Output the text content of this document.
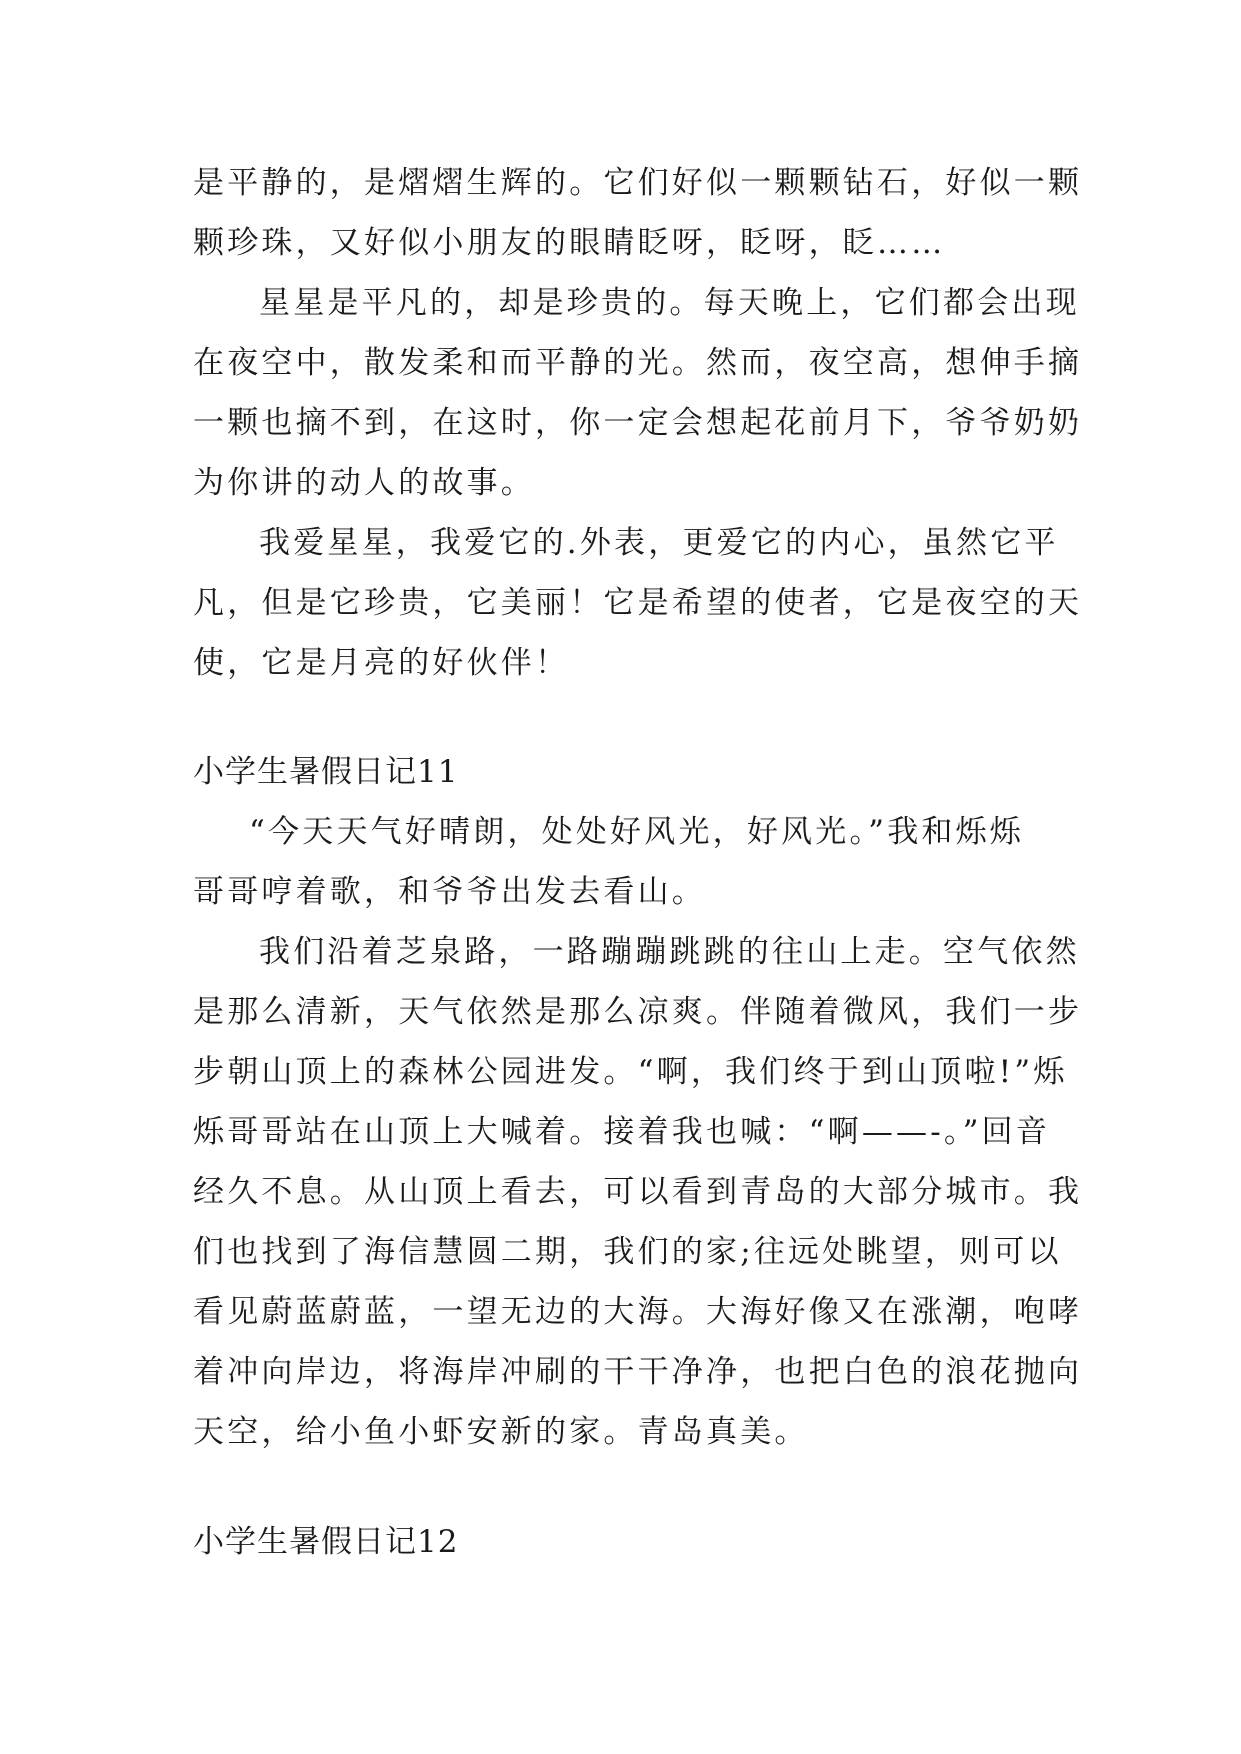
是平静的，是熠熠生辉的。它们好似一颗颗钻石，好似一颗
颗珍珠，又好似小朋友的眼睛眨呀，眨呀，眨……
星星是平凡的，却是珍贵的。每天晚上，它们都会出现
在夜空中，散发柔和而平静的光。然而，夜空高，想伸手摘
一颗也摘不到，在这时，你一定会想起花前月下，爷爷奶奶
为你讲的动人的故事。
我爱星星，我爱它的.外表，更爱它的内心，虽然它平
凡，但是它珍贵，它美丽！它是希望的使者，它是夜空的天
使，它是月亮的好伙伴！
小学生暑假日记11
“今天天气好晴朗，处处好风光，好风光。”我和烁烁
哥哥哼着歌，和爷爷出发去看山。
我们沿着芝泉路，一路蹦蹦跳跳的往山上走。空气依然
是那么清新，天气依然是那么凉爽。伴随着微风，我们一步
步朝山顶上的森林公园进发。“啊，我们终于到山顶啦!”烁
烁哥哥站在山顶上大喊着。接着我也喊：“啊——-。”回音
经久不息。从山顶上看去，可以看到青岛的大部分城市。我
们也找到了海信慧圆二期，我们的家;往远处眺望，则可以
看见蔚蓝蔚蓝，一望无边的大海。大海好像又在涨潮，咆哮
着冲向岸边，将海岸冲刷的干干净净，也把白色的浪花抛向
天空，给小鱼小虾安新的家。青岛真美。
小学生暑假日记12
